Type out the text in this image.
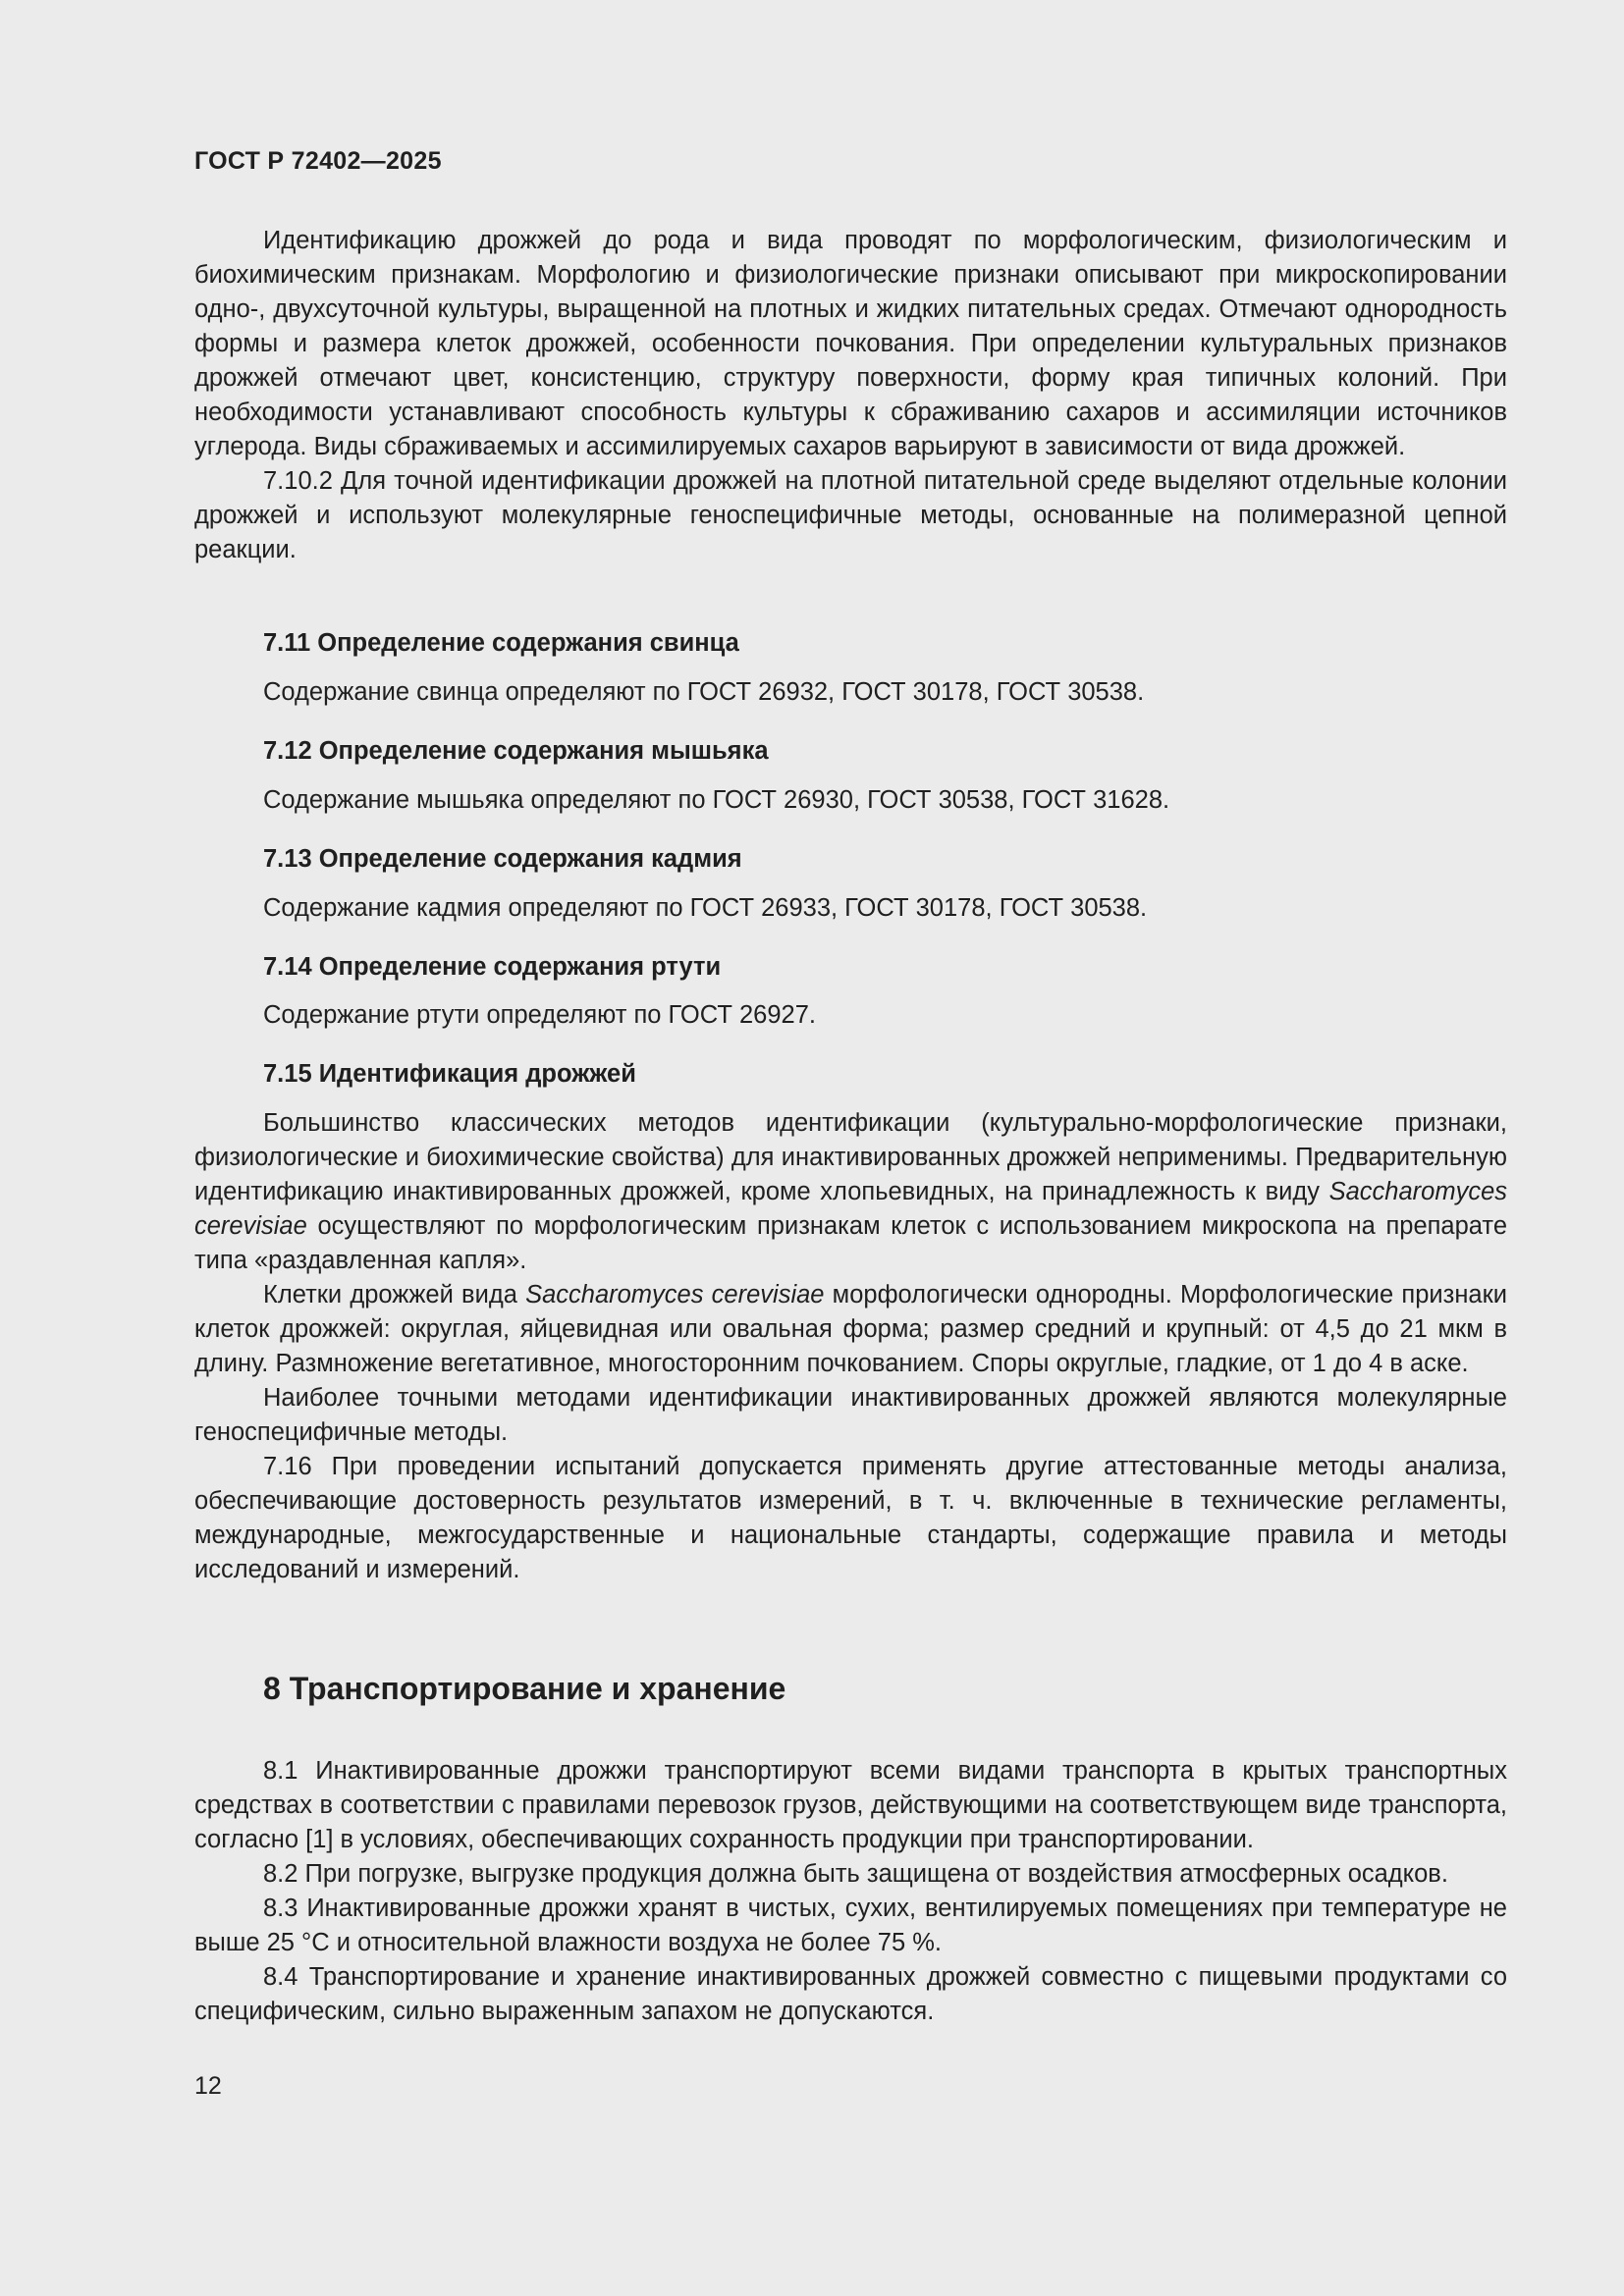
ГОСТ Р 72402—2025

Идентификацию дрожжей до рода и вида проводят по морфологическим, физиологическим и биохимическим признакам. Морфологию и физиологические признаки описывают при микроскопировании одно-, двухсуточной культуры, выращенной на плотных и жидких питательных средах. Отмечают однородность формы и размера клеток дрожжей, особенности почкования. При определении культуральных признаков дрожжей отмечают цвет, консистенцию, структуру поверхности, форму края типичных колоний. При необходимости устанавливают способность культуры к сбраживанию сахаров и ассимиляции источников углерода. Виды сбраживаемых и ассимилируемых сахаров варьируют в зависимости от вида дрожжей.

7.10.2 Для точной идентификации дрожжей на плотной питательной среде выделяют отдельные колонии дрожжей и используют молекулярные геноспецифичные методы, основанные на полимеразной цепной реакции.

7.11 Определение содержания свинца
Содержание свинца определяют по ГОСТ 26932, ГОСТ 30178, ГОСТ 30538.
7.12 Определение содержания мышьяка
Содержание мышьяка определяют по ГОСТ 26930, ГОСТ 30538, ГОСТ 31628.
7.13 Определение содержания кадмия
Содержание кадмия определяют по ГОСТ 26933, ГОСТ 30178, ГОСТ 30538.
7.14 Определение содержания ртути
Содержание ртути определяют по ГОСТ 26927.
7.15 Идентификация дрожжей

Большинство классических методов идентификации (культурально-морфологические признаки, физиологические и биохимические свойства) для инактивированных дрожжей неприменимы. Предварительную идентификацию инактивированных дрожжей, кроме хлопьевидных, на принадлежность к виду Saccharomyces cerevisiae осуществляют по морфологическим признакам клеток с использованием микроскопа на препарате типа «раздавленная капля».

Клетки дрожжей вида Saccharomyces cerevisiae морфологически однородны. Морфологические признаки клеток дрожжей: округлая, яйцевидная или овальная форма; размер средний и крупный: от 4,5 до 21 мкм в длину. Размножение вегетативное, многосторонним почкованием. Споры округлые, гладкие, от 1 до 4 в аске.

Наиболее точными методами идентификации инактивированных дрожжей являются молекулярные геноспецифичные методы.

7.16 При проведении испытаний допускается применять другие аттестованные методы анализа, обеспечивающие достоверность результатов измерений, в т. ч. включенные в технические регламенты, международные, межгосударственные и национальные стандарты, содержащие правила и методы исследований и измерений.

8 Транспортирование и хранение

8.1 Инактивированные дрожжи транспортируют всеми видами транспорта в крытых транспортных средствах в соответствии с правилами перевозок грузов, действующими на соответствующем виде транспорта, согласно [1] в условиях, обеспечивающих сохранность продукции при транспортировании.

8.2 При погрузке, выгрузке продукция должна быть защищена от воздействия атмосферных осадков.

8.3 Инактивированные дрожжи хранят в чистых, сухих, вентилируемых помещениях при температуре не выше 25 °C и относительной влажности воздуха не более 75 %.

8.4 Транспортирование и хранение инактивированных дрожжей совместно с пищевыми продуктами со специфическим, сильно выраженным запахом не допускаются.

12
